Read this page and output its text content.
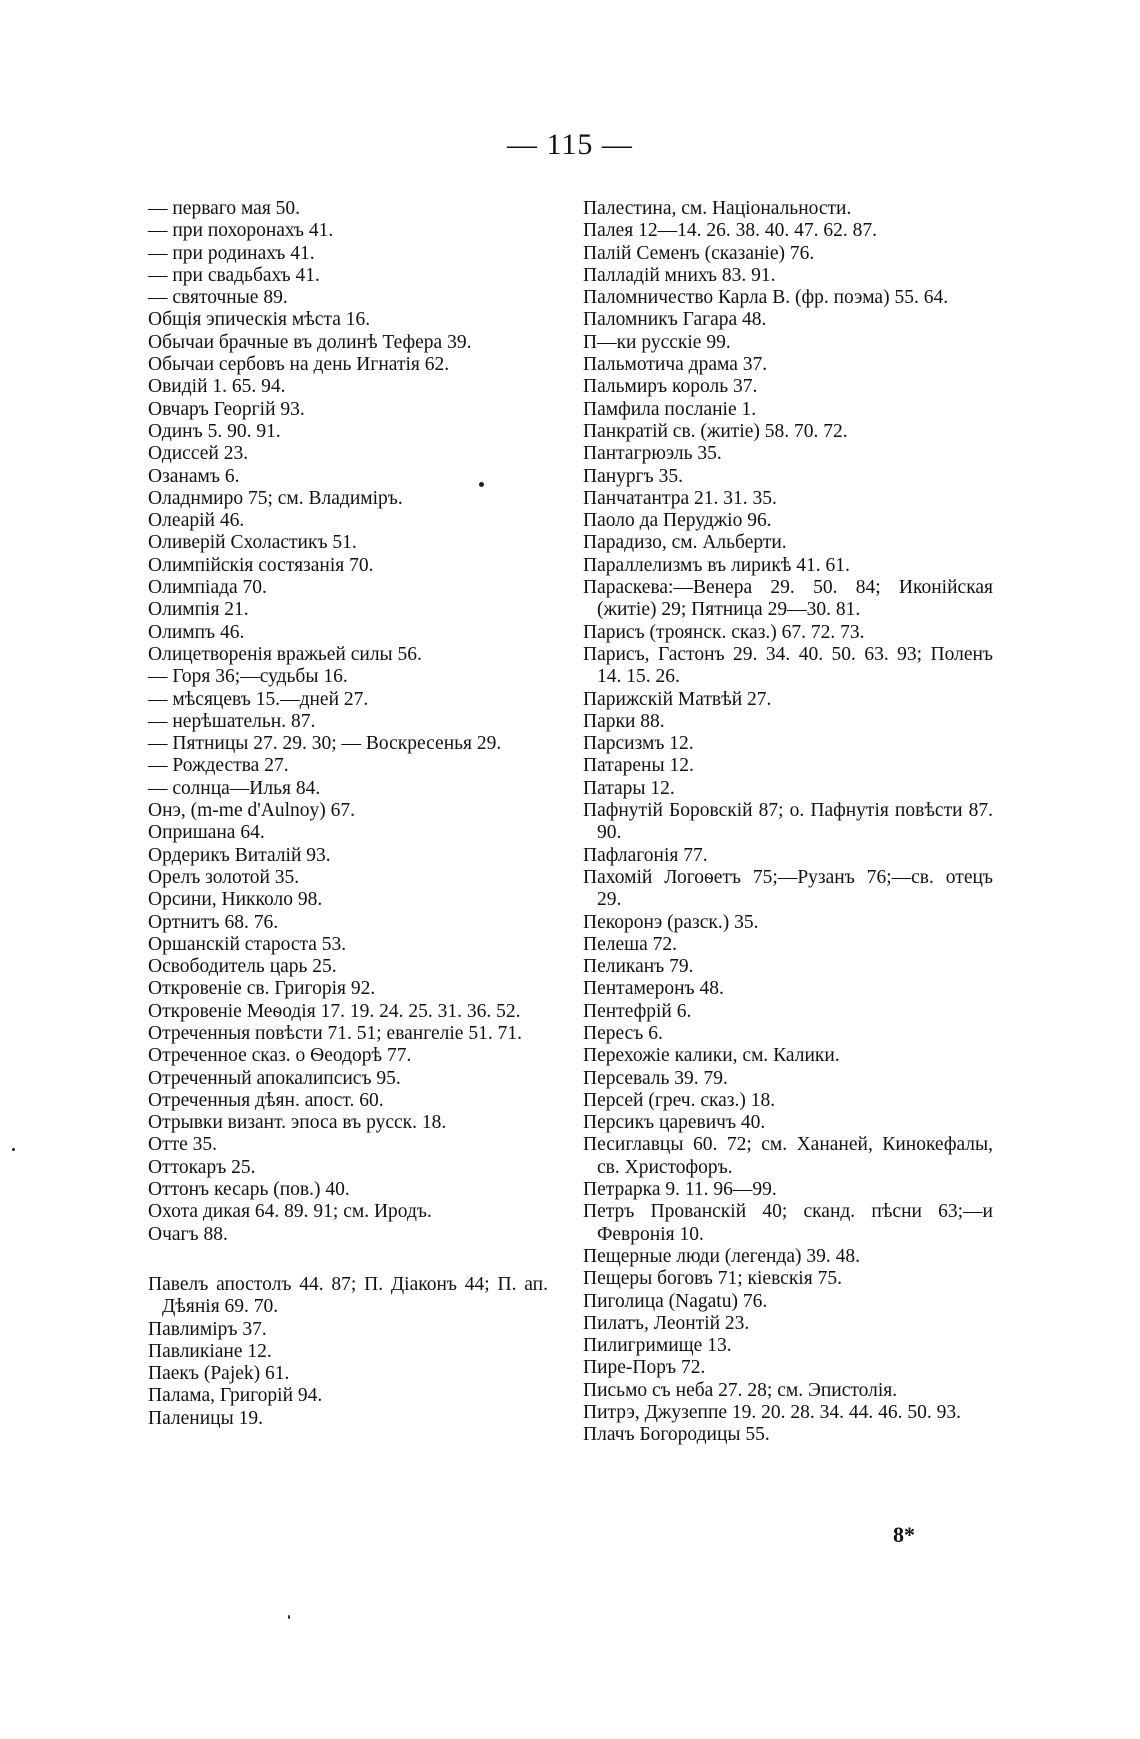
— 115 —
— перваго мая 50.
— при похоронахъ 41.
— при родинахъ 41.
— при свадьбахъ 41.
— святочные 89.
Общія эпическія мѣста 16.
Обычаи брачные въ долинѣ Тефера 39.
Обычаи сербовъ на день Игнатія 62.
Овидій 1. 65. 94.
Овчаръ Георгій 93.
Одинъ 5. 90. 91.
Одиссей 23.
Озанамъ 6.
Оладнмиро 75; см. Владимiръ.
Олеарій 46.
Оливерій Схоластикъ 51.
Олимпійскія состязанія 70.
Олимпіада 70.
Олимпія 21.
Олимпъ 46.
Олицетворенія вражьей силы 56.
— Горя 36;—судьбы 16.
— мѣсяцевъ 15.—дней 27.
— нерѣшательн. 87.
— Пятницы 27. 29. 30; — Воскресенья 29.
— Рождества 27.
— солнца—Илья 84.
Онэ, (m-me d'Aulnoy) 67.
Опришана 64.
Ордерикъ Виталій 93.
Орелъ золотой 35.
Орсини, Никколо 98.
Ортнитъ 68. 76.
Оршанскій староста 53.
Освободитель царь 25.
Откровеніе св. Григорія 92.
Откровеніе Меѳодія 17. 19. 24. 25. 31. 36. 52.
Отреченныя повѣсти 71. 51; евангеліе 51. 71.
Отреченное сказ. о Ѳеодорѣ 77.
Отреченный апокалипсисъ 95.
Отреченныя дѣян. апост. 60.
Отрывки визант. эпоса въ русск. 18.
Отте 35.
Оттокаръ 25.
Оттонъ кесарь (пов.) 40.
Охота дикая 64. 89. 91; см. Иродъ.
Очагъ 88.
Павелъ апостолъ 44. 87; П. Діаконъ 44; П. ап. Дѣянія 69. 70.
Павлимiръ 37.
Павликіане 12.
Паекъ (Pajek) 61.
Палама, Григорій 94.
Паленицы 19.
Палестина, см. Національности.
Палея 12—14. 26. 38. 40. 47. 62. 87.
Палій Семенъ (сказаніе) 76.
Палладій мнихъ 83. 91.
Паломничество Карла В. (фр. поэма) 55. 64.
Паломникъ Гагара 48.
П—ки русскіе 99.
Пальмотича драма 37.
Пальмиръ король 37.
Памфила посланіе 1.
Панкратій св. (житіе) 58. 70. 72.
Пантагрюэль 35.
Панургъ 35.
Панчатантра 21. 31. 35.
Паоло да Перуджіо 96.
Парадизо, см. Альберти.
Параллелизмъ въ лирикѣ 41. 61.
Параскева:—Венера 29. 50. 84; Иконійская (житіе) 29; Пятница 29—30. 81.
Парисъ (троянск. сказ.) 67. 72. 73.
Парисъ, Гастонъ 29. 34. 40. 50. 63. 93; Поленъ 14. 15. 26.
Парижскій Матвѣй 27.
Парки 88.
Парсизмъ 12.
Патарены 12.
Патары 12.
Пафнутій Боровскій 87; о. Пафнутія повѣсти 87. 90.
Пафлагонія 77.
Пахомій Логоѳетъ 75;—Рузанъ 76;—св. отецъ 29.
Пекоронэ (разск.) 35.
Пелеша 72.
Пеликанъ 79.
Пентамеронъ 48.
Пентефрій 6.
Пересъ 6.
Перехожіе калики, см. Калики.
Персеваль 39. 79.
Персей (греч. сказ.) 18.
Персикъ царевичъ 40.
Песиглавцы 60. 72; см. Хананей, Кинокефалы, св. Христофоръ.
Петрарка 9. 11. 96—99.
Петръ Прованскій 40; сканд. пѣсни 63;—и Февронія 10.
Пещерные люди (легенда) 39. 48.
Пещеры боговъ 71; кіевскія 75.
Пиголица (Nagatu) 76.
Пилатъ, Леонтій 23.
Пилигримище 13.
Пире-Поръ 72.
Письмо съ неба 27. 28; см. Эпистолія.
Питрэ, Джузеппе 19. 20. 28. 34. 44. 46. 50. 93.
Плачъ Богородицы 55.
8*
